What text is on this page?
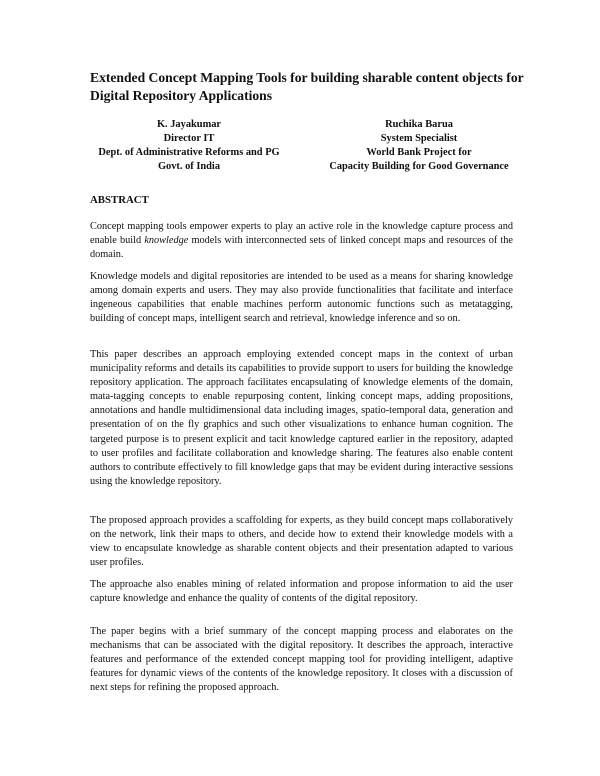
Extended Concept Mapping Tools for building sharable content objects for Digital Repository Applications
K. Jayakumar
Director IT
Dept. of Administrative Reforms and PG
Govt. of India
Ruchika Barua
System Specialist
World Bank Project for
Capacity Building for Good Governance
ABSTRACT

Concept mapping tools empower experts to play an active role in the knowledge capture process and enable build knowledge models with interconnected sets of linked concept maps and resources of the domain.

Knowledge models and digital repositories are intended to be used as a means for sharing knowledge among domain experts and users. They may also provide functionalities that facilitate and interface ingeneous capabilities that enable machines perform autonomic functions such as metatagging, building of concept maps, intelligent search and retrieval, knowledge inference and so on.

This paper describes an approach employing extended concept maps in the context of urban municipality reforms and details its capabilities to provide support to users for building the knowledge repository application. The approach facilitates encapsulating of knowledge elements of the domain, mata-tagging concepts to enable repurposing content, linking concept maps, adding propositions, annotations and handle multidimensional data including images, spatio-temporal data, generation and presentation of on the fly graphics and such other visualizations to enhance human cognition. The targeted purpose is to present explicit and tacit knowledge captured earlier in the repository, adapted to user profiles and facilitate collaboration and knowledge sharing. The features also enable content authors to contribute effectively to fill knowledge gaps that may be evident during interactive sessions using the knowledge repository.

The proposed approach provides a scaffolding for experts, as they build concept maps collaboratively on the network, link their maps to others, and decide how to extend their knowledge models with a view to encapsulate knowledge as sharable content objects and their presentation adapted to various user profiles.

The approache also enables mining of related information and propose information to aid the user capture knowledge and enhance the quality of contents of the digital repository.

The paper begins with a brief summary of the concept mapping process and elaborates on the mechanisms that can be associated with the digital repository. It describes the approach, interactive features and performance of the extended concept mapping tool for providing intelligent, adaptive features for dynamic views of the contents of the knowledge repository. It closes with a discussion of next steps for refining the proposed approach.
